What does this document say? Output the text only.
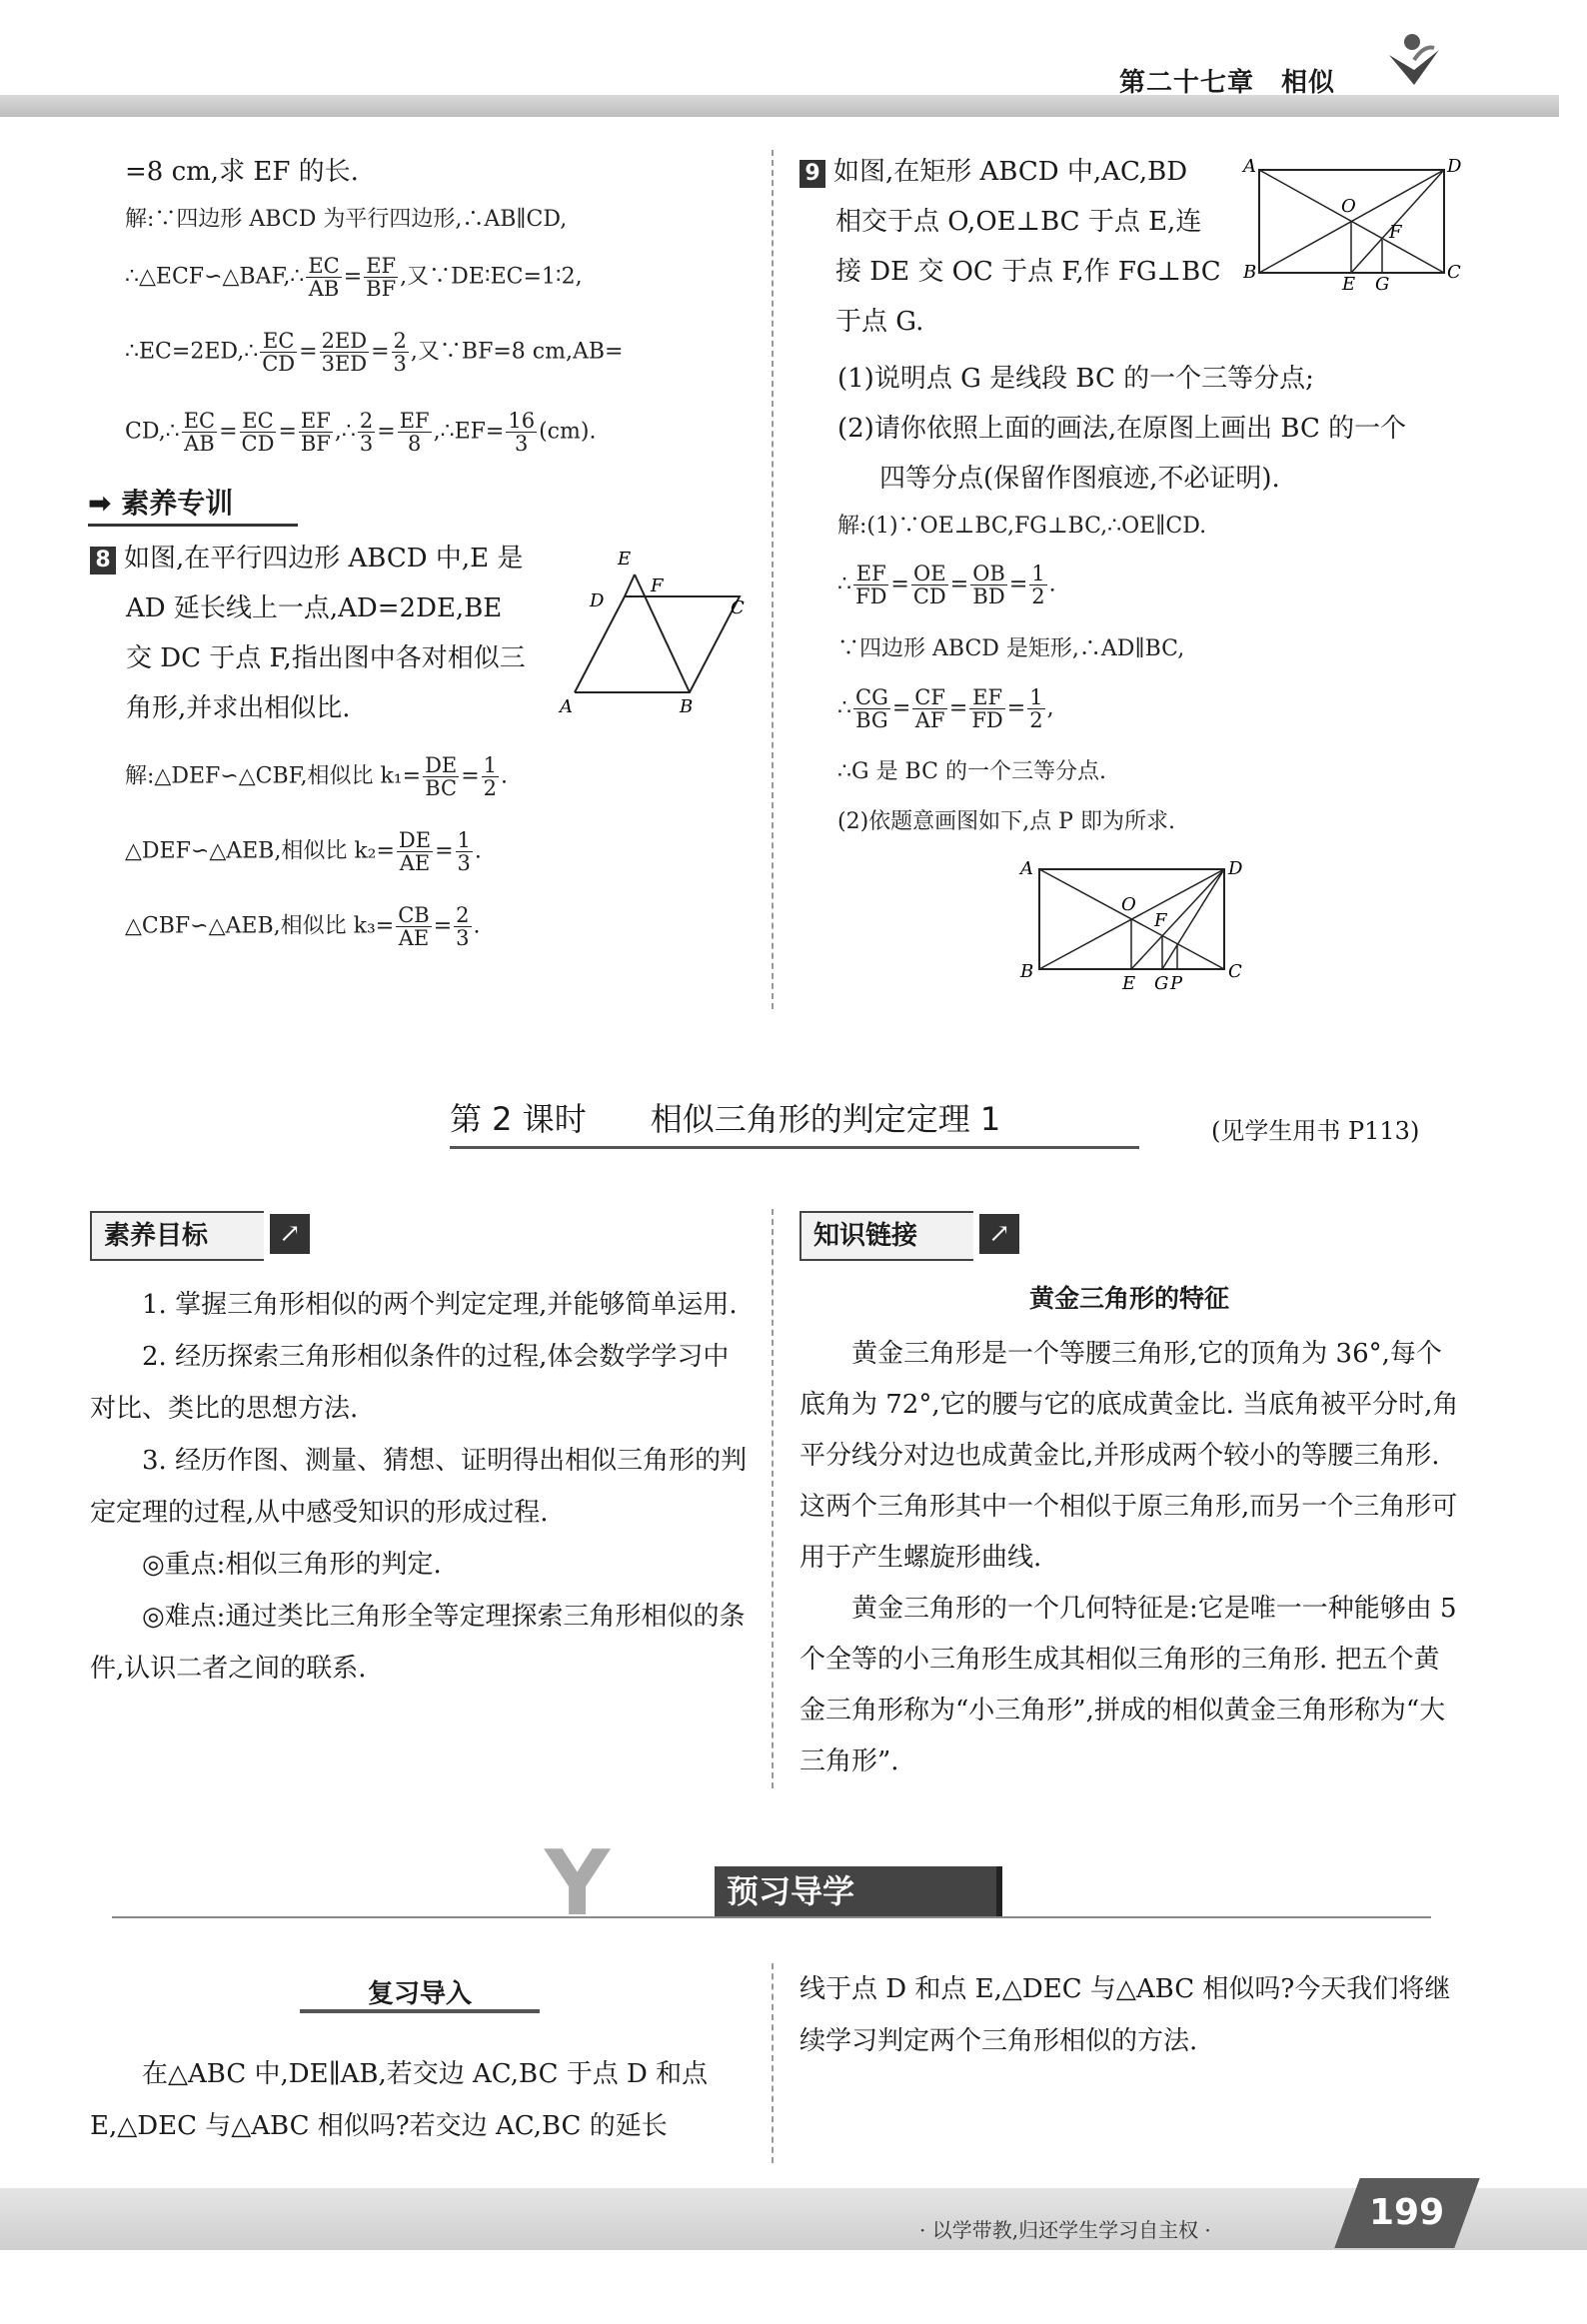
第二十七章　相似
=8 cm,求 EF 的长.
解:∵四边形 ABCD 为平行四边形,∴AB∥CD,
∴△ECF∽△BAF,∴ $\frac{EC}{AB} = \frac{EF}{BF}$ ,又∵DE∶EC=1∶2,
∴EC=2ED,∴ $\frac{EC}{CD} = \frac{2ED}{3ED} = \frac{2}{3}$ ,又∵BF=8 cm,AB=
CD,∴ $\frac{EC}{AB} = \frac{EC}{CD} = \frac{EF}{BF}$ ,∴ $\frac{2}{3} = \frac{EF}{8}$ ,∴EF= $\frac{16}{3} (cm)$.
➡ 素养专训
8 如图,在平行四边形 ABCD 中,E 是
AD 延长线上一点,AD=2DE,BE
交 DC 于点 F,指出图中各对相似三
角形,并求出相似比.
E
D
F
C
A	B
解:△DEF∽△CBF,相似比 $k_1= \frac{DE}{BC} = \frac{1}{2}$ .
△DEF∽△AEB,相似比 $k_2= \frac{DE}{AE} = \frac{1}{3}$ .
△CBF∽△AEB,相似比 $k_3= \frac{CB}{AE} = \frac{2}{3}$ .
9 如图,在矩形 ABCD 中,AC,BD
相交于点 O,OE⊥BC 于点 E,连
接 DE 交 OC 于点 F,作 FG⊥BC
于点 G.
A	D
O
F
B
E G
C
(1)说明点 G 是线段 BC 的一个三等分点;
(2)请你依照上面的画法,在原图上画出 BC 的一个
四等分点(保留作图痕迹,不必证明).
解:(1)∵OE⊥BC,FG⊥BC,∴OE∥CD.
∴ $\frac{EF}{FD} = \frac{OE}{CD} = \frac{OB}{BD} = \frac{1}{2}$ .
∵四边形 ABCD 是矩形,∴AD∥BC,
∴ $\frac{CG}{BG} = \frac{CF}{AF} = \frac{EF}{FD} = \frac{1}{2}$ ,
∴G 是 BC 的一个三等分点.
(2)依题意画图如下,点 P 即为所求.
A	D
O
F
B
E G P
C
第 2 课时　　相似三角形的判定定理 1	(见学生用书 P113)
素养目标	↗
1. 掌握三角形相似的两个判定定理,并能够简单运用.
2. 经历探索三角形相似条件的过程,体会数学学习中对比、类比的思想方法.
3. 经历作图、测量、猜想、证明得出相似三角形的判定定理的过程,从中感受知识的形成过程.
◎重点:相似三角形的判定.
◎难点:通过类比三角形全等定理探索三角形相似的条件,认识二者之间的联系.
知识链接	↗
黄金三角形的特征
黄金三角形是一个等腰三角形,它的顶角为 36°,每个底角为 72°,它的腰与它的底成黄金比. 当底角被平分时,角平分线分对边也成黄金比,并形成两个较小的等腰三角形. 这两个三角形其中一个相似于原三角形,而另一个三角形可用于产生螺旋形曲线.
黄金三角形的一个几何特征是:它是唯一一种能够由 5 个全等的小三角形生成其相似三角形的三角形. 把五个黄金三角形称为“小三角形”,拼成的相似黄金三角形称为“大三角形”.
Y	预习导学
复习导入
在△ABC 中,DE∥AB,若交边 AC,BC 于点 D 和点 E,△DEC 与△ABC 相似吗?若交边 AC,BC 的延长
线于点 D 和点 E,△DEC 与△ABC 相似吗?今天我们将继续学习判定两个三角形相似的方法.
· 以学带教,归还学生学习自主权 ·	199
